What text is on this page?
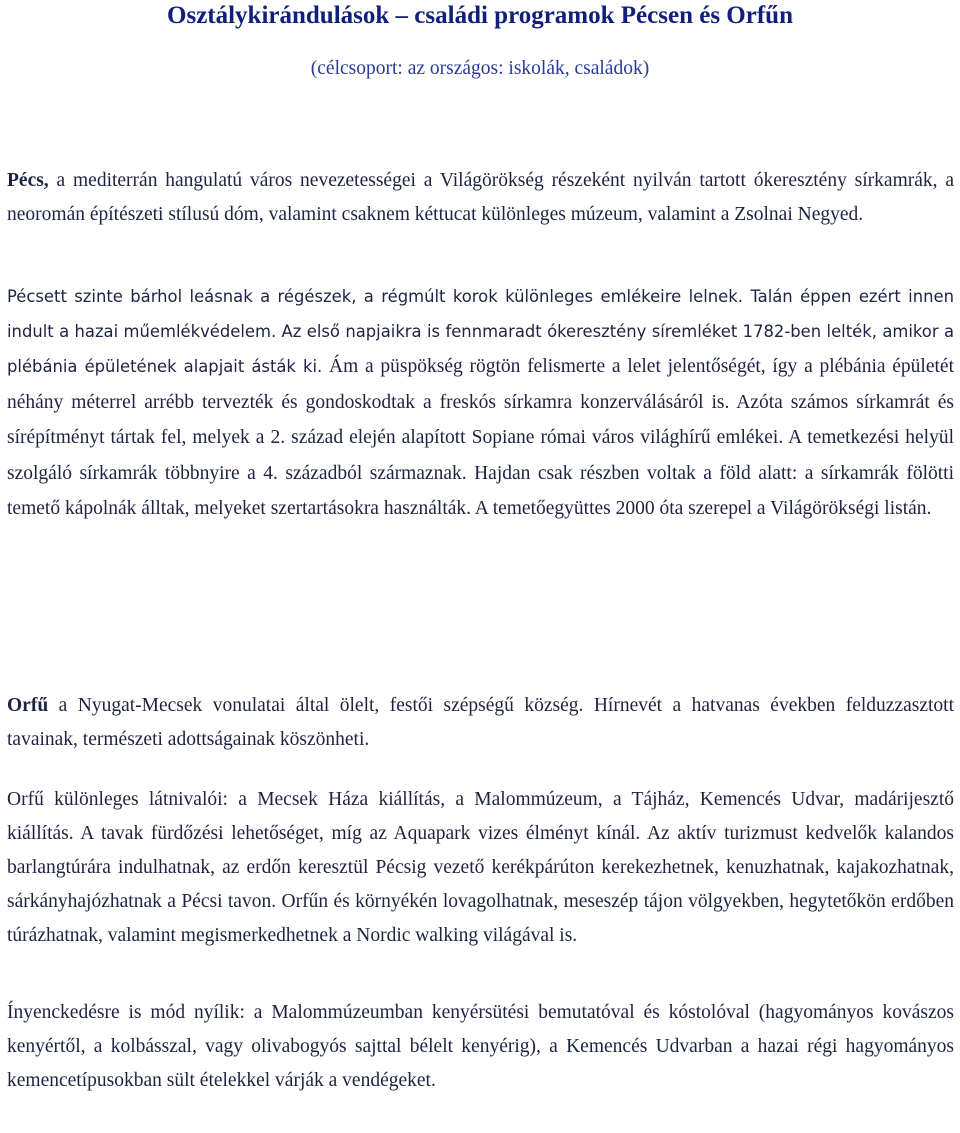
Osztálykirándulások – családi programok Pécsen és Orfűn

(célcsoport: az országos: iskolák, családok)

Pécs, a mediterrán hangulatú város nevezetességei a Világörökség részeként nyilván tartott ókeresztény sírkamrák, a neoromán építészeti stílusú dóm, valamint csaknem kéttucat különleges múzeum, valamint a Zsolnai Negyed.

Pécsett szinte bárhol leásnak a régészek, a régmúlt korok különleges emlékeire lelnek. Talán éppen ezért innen indult a hazai műemlékvédelem. Az első napjaikra is fennmaradt ókeresztény síremléket 1782-ben lelték, amikor a plébánia épületének alapjait ásták ki. Ám a püspökség rögtön felismerte a lelet jelentőségét, így a plébánia épületét néhány méterrel arrébb tervezték és gondoskodtak a freskós sírkamra konzerválásáról is. Azóta számos sírkamrát és sírépítményt tártak fel, melyek a 2. század elején alapított Sopiane római város világhírű emlékei. A temetkezési helyül szolgáló sírkamrák többnyire a 4. századból származnak. Hajdan csak részben voltak a föld alatt: a sírkamrák fölötti temető kápolnák álltak, melyeket szertartásokra használták. A temetőegyüttes 2000 óta szerepel a Világörökségi listán.

Orfű a Nyugat-Mecsek vonulatai által ölelt, festői szépségű község. Hírnevét a hatvanas években felduzzasztott tavainak, természeti adottságainak köszönheti.

Orfű különleges látnivalói: a Mecsek Háza kiállítás, a Malommúzeum, a Tájház, Kemencés Udvar, madárijesztő kiállítás. A tavak fürdőzési lehetőséget, míg az Aquapark vizes élményt kínál. Az aktív turizmust kedvelők kalandos barlangtúrára indulhatnak, az erdőn keresztül Pécsig vezető kerékpárúton kerekezhetnek, kenuzhatnak, kajakozhatnak, sárkányhajózhatnak a Pécsi tavon. Orfűn és környékén lovagolhatnak, meseszép tájon völgyekben, hegytetőkön erdőben túrázhatnak, valamint megismerkedhetnek a Nordic walking világával is.

Ínyenckedésre is mód nyílik: a Malommúzeumban kenyérsütési bemutatóval és kóstolóval (hagyományos kovászos kenyértől, a kolbásszal, vagy olivabogyós sajttal bélelt kenyérig), a Kemencés Udvarban a hazai régi hagyományos kemencetípusokban sült ételekkel várják a vendégeket.
